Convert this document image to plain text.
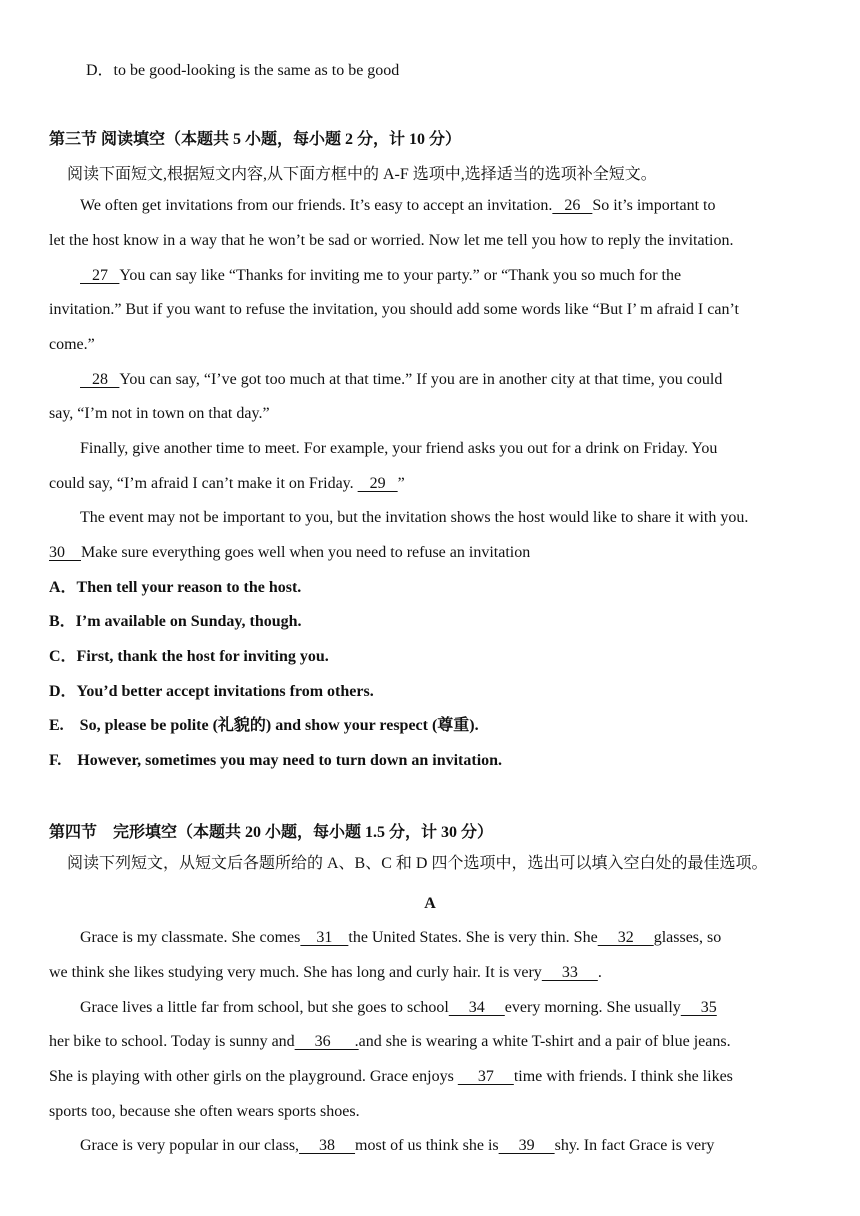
D．to be good-looking is the same as to be good
第三节 阅读填空（本题共 5 小题，每小题 2 分，计 10 分）
阅读下面短文,根据短文内容,从下面方框中的 A-F 选项中,选择适当的选项补全短文。
We often get invitations from our friends. It’s easy to accept an invitation.   26   So it’s important to
let the host know in a way that he won’t be sad or worried. Now let me tell you how to reply the invitation.
27   You can say like “Thanks for inviting me to your party.” or “Thank you so much for the
invitation.” But if you want to refuse the invitation, you should add some words like “But I’ m afraid I can’t
come.”
28   You can say, “I’ve got too much at that time.” If you are in another city at that time, you could
say, “I’m not in town on that day.”
Finally, give another time to meet. For example, your friend asks you out for a drink on Friday. You
could say, “I’m afraid I can’t make it on Friday.    29   ”
The event may not be important to you, but the invitation shows the host would like to share it with you.
30    Make sure everything goes well when you need to refuse an invitation
A．Then tell your reason to the host.
B．I’m available on Sunday, though.
C．First, thank the host for inviting you.
D．You’d better accept invitations from others.
E.    So, please be polite (礼貌的) and show your respect (尊重).
F.    However, sometimes you may need to turn down an invitation.
第四节    完形填空（本题共 20 小题，每小题 1.5 分，计 30 分）
阅读下列短文，从短文后各题所给的 A、B、C 和 D 四个选项中，选出可以填入空白处的最佳选项。
A
Grace is my classmate. She comes    31    the United States. She is very thin. She     32     glasses, so
we think she likes studying very much. She has long and curly hair. It is very     33     .
Grace lives a little far from school, but she goes to school     34     every morning. She usually     35
her bike to school. Today is sunny and     36      .and she is wearing a white T-shirt and a pair of blue jeans.
She is playing with other girls on the playground. Grace enjoys      37     time with friends. I think she likes
sports too, because she often wears sports shoes.
Grace is very popular in our class,     38     most of us think she is     39     shy. In fact Grace is very
